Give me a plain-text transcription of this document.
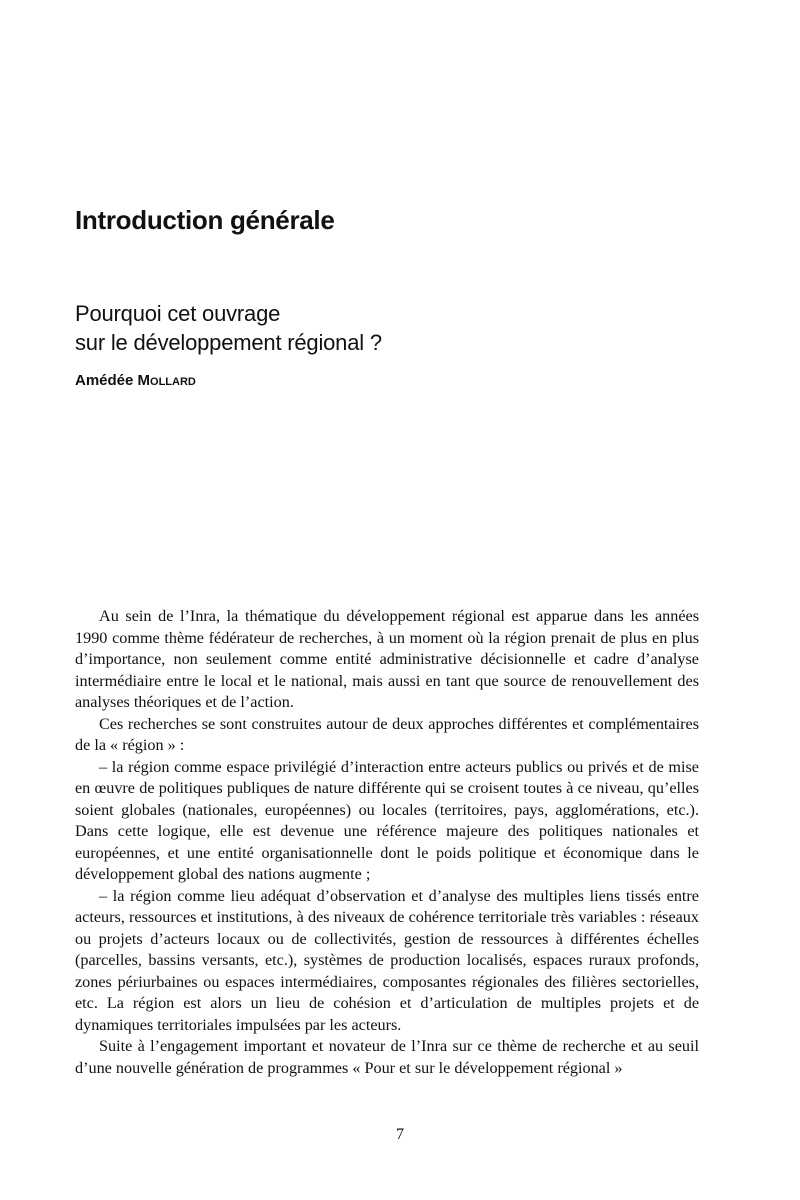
Introduction générale
Pourquoi cet ouvrage
sur le développement régional ?

Amédée Mollard

Au sein de l’Inra, la thématique du développement régional est apparue dans les années 1990 comme thème fédérateur de recherches, à un moment où la région prenait de plus en plus d’importance, non seulement comme entité administrative décisionnelle et cadre d’analyse intermédiaire entre le local et le national, mais aussi en tant que source de renouvellement des analyses théoriques et de l’action.

Ces recherches se sont construites autour de deux approches différentes et complémentaires de la « région » :

– la région comme espace privilégié d’interaction entre acteurs publics ou privés et de mise en œuvre de politiques publiques de nature différente qui se croisent toutes à ce niveau, qu’elles soient globales (nationales, européennes) ou locales (territoires, pays, agglomérations, etc.). Dans cette logique, elle est devenue une référence majeure des politiques nationales et européennes, et une entité organisationnelle dont le poids politique et économique dans le développement global des nations augmente ;

– la région comme lieu adéquat d’observation et d’analyse des multiples liens tissés entre acteurs, ressources et institutions, à des niveaux de cohérence territoriale très variables : réseaux ou projets d’acteurs locaux ou de collectivités, gestion de ressources à différentes échelles (parcelles, bassins versants, etc.), systèmes de production localisés, espaces ruraux profonds, zones périurbaines ou espaces intermédiaires, composantes régionales des filières sectorielles, etc. La région est alors un lieu de cohésion et d’articulation de multiples projets et de dynamiques territoriales impulsées par les acteurs.

Suite à l’engagement important et novateur de l’Inra sur ce thème de recherche et au seuil d’une nouvelle génération de programmes « Pour et sur le développement régional »

7
